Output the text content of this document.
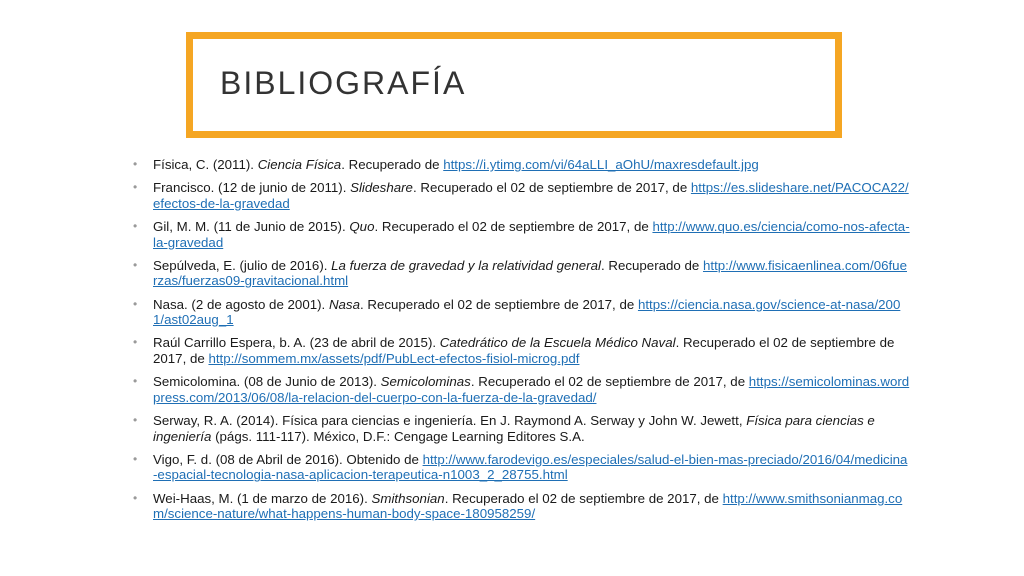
BIBLIOGRAFÍA
• Física, C. (2011). Ciencia Física. Recuperado de https://i.ytimg.com/vi/64aLLI_aOhU/maxresdefault.jpg
• Francisco. (12 de junio de 2011). Slideshare. Recuperado el 02 de septiembre de 2017, de https://es.slideshare.net/PACOCA22/efectos-de-la-gravedad
• Gil, M. M. (11 de Junio de 2015). Quo. Recuperado el 02 de septiembre de 2017, de http://www.quo.es/ciencia/como-nos-afecta-la-gravedad
• Sepúlveda, E. (julio de 2016). La fuerza de gravedad y la relatividad general. Recuperado de http://www.fisicaenlinea.com/06fuerzas/fuerzas09-gravitacional.html
• Nasa. (2 de agosto de 2001). Nasa. Recuperado el 02 de septiembre de 2017, de https://ciencia.nasa.gov/science-at-nasa/2001/ast02aug_1
• Raúl Carrillo Espera, b. A. (23 de abril de 2015). Catedrático de la Escuela Médico Naval. Recuperado el 02 de septiembre de 2017, de http://sommem.mx/assets/pdf/PubLect-efectos-fisiol-microg.pdf
• Semicolomina. (08 de Junio de 2013). Semicolominas. Recuperado el 02 de septiembre de 2017, de https://semicolominas.wordpress.com/2013/06/08/la-relacion-del-cuerpo-con-la-fuerza-de-la-gravedad/
• Serway, R. A. (2014). Física para ciencias e ingeniería. En J. Raymond A. Serway y John W. Jewett, Física para ciencias e ingeniería (págs. 111-117). México, D.F.: Cengage Learning Editores S.A.
• Vigo, F. d. (08 de Abril de 2016). Obtenido de http://www.farodevigo.es/especiales/salud-el-bien-mas-preciado/2016/04/medicina-espacial-tecnologia-nasa-aplicacion-terapeutica-n1003_2_28755.html
• Wei-Haas, M. (1 de marzo de 2016). Smithsonian. Recuperado el 02 de septiembre de 2017, de http://www.smithsonianmag.com/science-nature/what-happens-human-body-space-180958259/
